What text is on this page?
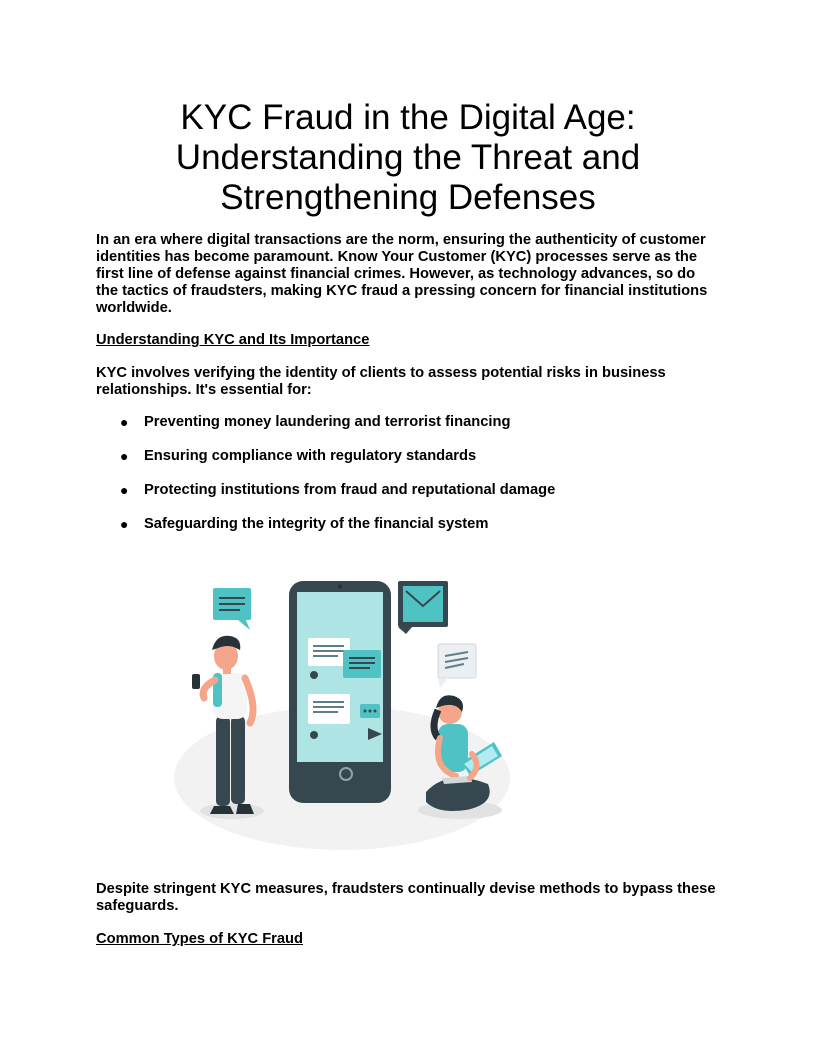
KYC Fraud in the Digital Age:
Understanding the Threat and
Strengthening Defenses

In an era where digital transactions are the norm, ensuring the authenticity of customer
identities has become paramount. Know Your Customer (KYC) processes serve as the
first line of defense against financial crimes. However, as technology advances, so do
the tactics of fraudsters, making KYC fraud a pressing concern for financial institutions
worldwide.

Understanding KYC and Its Importance

KYC involves verifying the identity of clients to assess potential risks in business
relationships. It's essential for:

● Preventing money laundering and terrorist financing
● Ensuring compliance with regulatory standards
● Protecting institutions from fraud and reputational damage
● Safeguarding the integrity of the financial system

Despite stringent KYC measures, fraudsters continually devise methods to bypass these
safeguards.

Common Types of KYC Fraud
